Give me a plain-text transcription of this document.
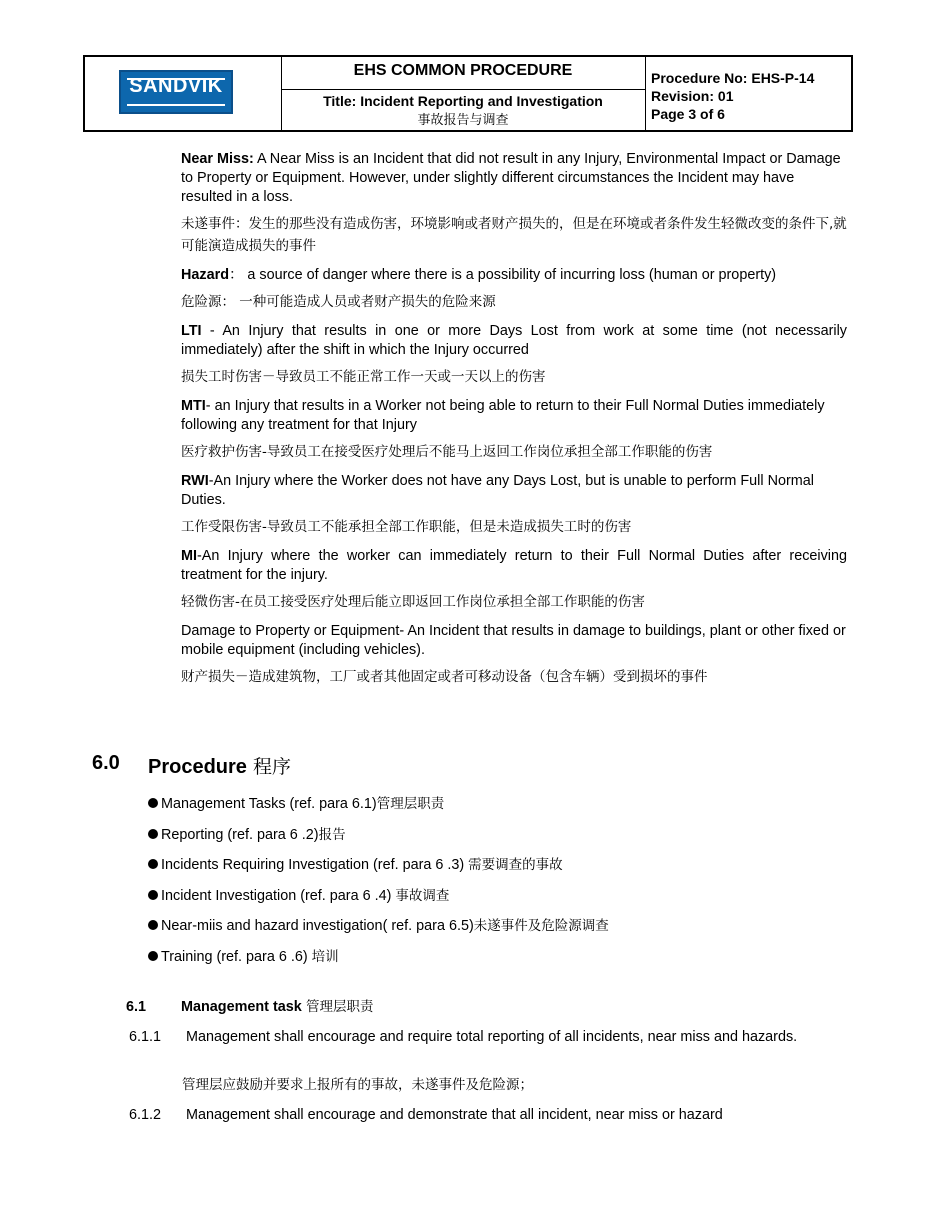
SANDVIK
EHS COMMON PROCEDURE
Title: Incident Reporting and Investigation
事故报告与调查
Procedure No: EHS-P-14
Revision: 01
Page 3 of 6

Near Miss: A Near Miss is an Incident that did not result in any Injury, Environmental Impact or Damage to Property or Equipment. However, under slightly different circumstances the Incident may have resulted in a loss.

未遂事件：发生的那些没有造成伤害，环境影响或者财产损失的，但是在环境或者条件发生轻微改变的条件下,就可能演造成损失的事件

Hazard： a source of danger where there is a possibility of incurring loss (human or property)

危险源： 一种可能造成人员或者财产损失的危险来源

LTI - An Injury that results in one or more Days Lost from work at some time (not necessarily immediately) after the shift in which the Injury occurred

损失工时伤害－导致员工不能正常工作一天或一天以上的伤害

MTI- an Injury that results in a Worker not being able to return to their Full Normal Duties immediately following any treatment for that Injury

医疗救护伤害-导致员工在接受医疗处理后不能马上返回工作岗位承担全部工作职能的伤害

RWI-An Injury where the Worker does not have any Days Lost, but is unable to perform Full Normal Duties.

工作受限伤害-导致员工不能承担全部工作职能，但是未造成损失工时的伤害

MI-An Injury where the worker can immediately return to their Full Normal Duties after receiving treatment for the injury.

轻微伤害-在员工接受医疗处理后能立即返回工作岗位承担全部工作职能的伤害

Damage to Property or Equipment- An Incident that results in damage to buildings, plant or other fixed or mobile equipment (including vehicles).

财产损失－造成建筑物，工厂或者其他固定或者可移动设备（包含车辆）受到损坏的事件

6.0 Procedure 程序
Management Tasks (ref. para 6.1)管理层职责
Reporting (ref. para 6 .2)报告
Incidents Requiring Investigation (ref. para 6 .3) 需要调查的事故
Incident Investigation (ref. para 6 .4) 事故调查
Near-miis and hazard investigation( ref. para 6.5)未遂事件及危险源调查
Training (ref. para 6 .6) 培训
6.1 Management task 管理层职责
6.1.1 Management shall encourage and require total reporting of all incidents, near miss and hazards.
管理层应鼓励并要求上报所有的事故，未遂事件及危险源；
6.1.2 Management shall encourage and demonstrate that all incident, near miss or hazard
